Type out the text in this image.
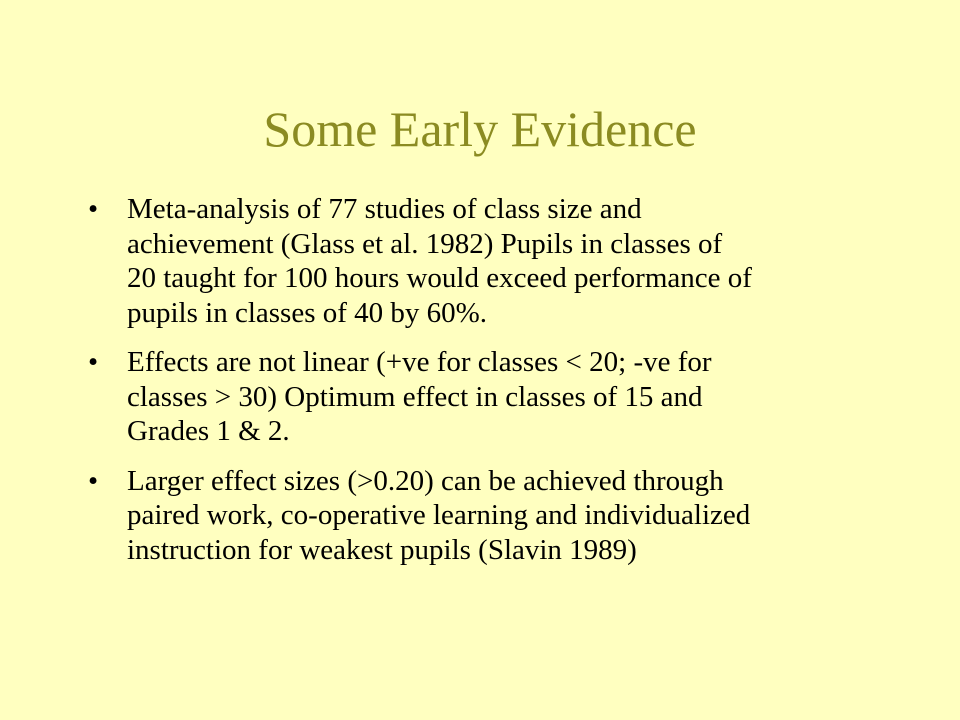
Some Early Evidence
• Meta-analysis of 77 studies of class size and
achievement (Glass et al. 1982) Pupils in classes of
20 taught for 100 hours would exceed performance of
pupils in classes of 40 by 60%.
• Effects are not linear (+ve for classes < 20; -ve for
classes > 30) Optimum effect in classes of 15 and
Grades 1 & 2.
• Larger effect sizes (>0.20) can be achieved through
paired work, co-operative learning and individualized
instruction for weakest pupils (Slavin 1989)
